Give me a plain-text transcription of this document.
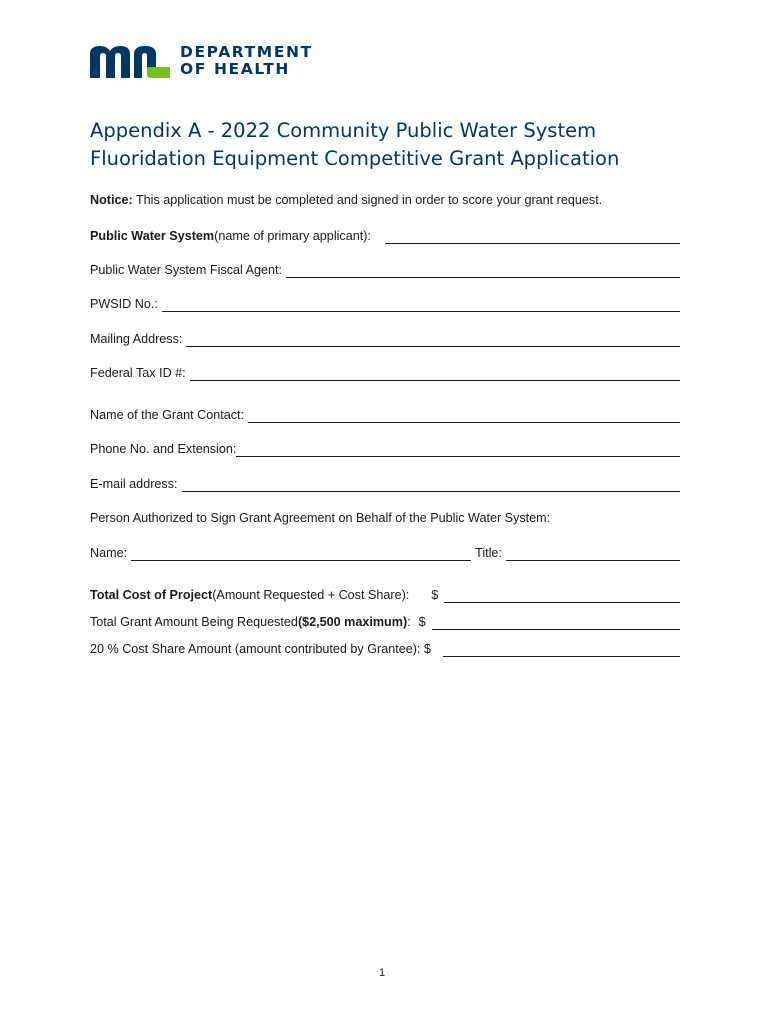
DEPARTMENT
OF HEALTH
Appendix A - 2022 Community Public Water System
Fluoridation Equipment Competitive Grant Application
Notice: This application must be completed and signed in order to score your grant request.
Public Water System (name of primary applicant):
Public Water System Fiscal Agent:
PWSID No.:
Mailing Address:
Federal Tax ID #:
Name of the Grant Contact:
Phone No. and Extension:
E-mail address:
Person Authorized to Sign Grant Agreement on Behalf of the Public Water System:
Name:	Title:
Total Cost of Project (Amount Requested + Cost Share): $
Total Grant Amount Being Requested ($2,500 maximum) : $
20 % Cost Share Amount (amount contributed by Grantee): $
1
